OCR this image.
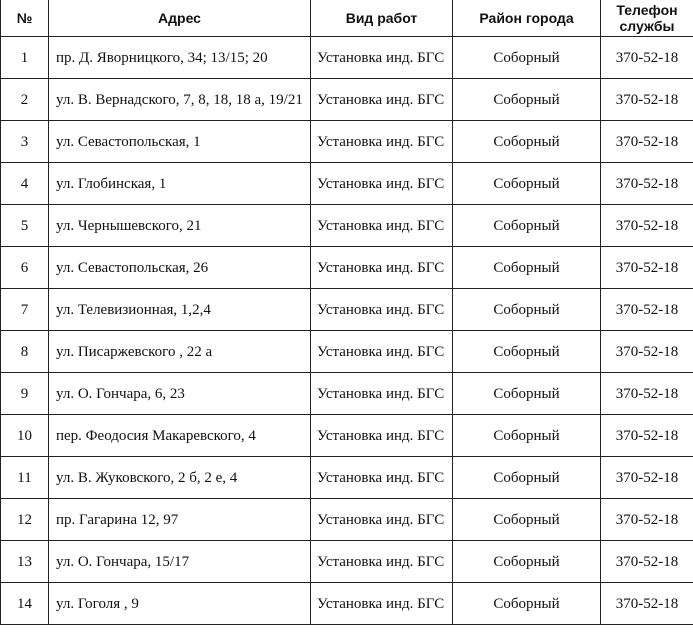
№	Адрес	Вид работ	Район города	Телефон службы
1	пр. Д. Яворницкого, 34; 13/15; 20	Установка инд. БГС	Соборный	370-52-18
2	ул. В. Вернадского, 7, 8, 18, 18 а, 19/21	Установка инд. БГС	Соборный	370-52-18
3	ул. Севастопольская, 1	Установка инд. БГС	Соборный	370-52-18
4	ул. Глобинская, 1	Установка инд. БГС	Соборный	370-52-18
5	ул. Чернышевского, 21	Установка инд. БГС	Соборный	370-52-18
6	ул. Севастопольская, 26	Установка инд. БГС	Соборный	370-52-18
7	ул. Телевизионная, 1,2,4	Установка инд. БГС	Соборный	370-52-18
8	ул. Писаржевского , 22 а	Установка инд. БГС	Соборный	370-52-18
9	ул. О. Гончара, 6, 23	Установка инд. БГС	Соборный	370-52-18
10	пер. Феодосия Макаревского, 4	Установка инд. БГС	Соборный	370-52-18
11	ул. В. Жуковского, 2 б, 2 е, 4	Установка инд. БГС	Соборный	370-52-18
12	пр. Гагарина 12, 97	Установка инд. БГС	Соборный	370-52-18
13	ул. О. Гончара, 15/17	Установка инд. БГС	Соборный	370-52-18
14	ул. Гоголя , 9	Установка инд. БГС	Соборный	370-52-18
